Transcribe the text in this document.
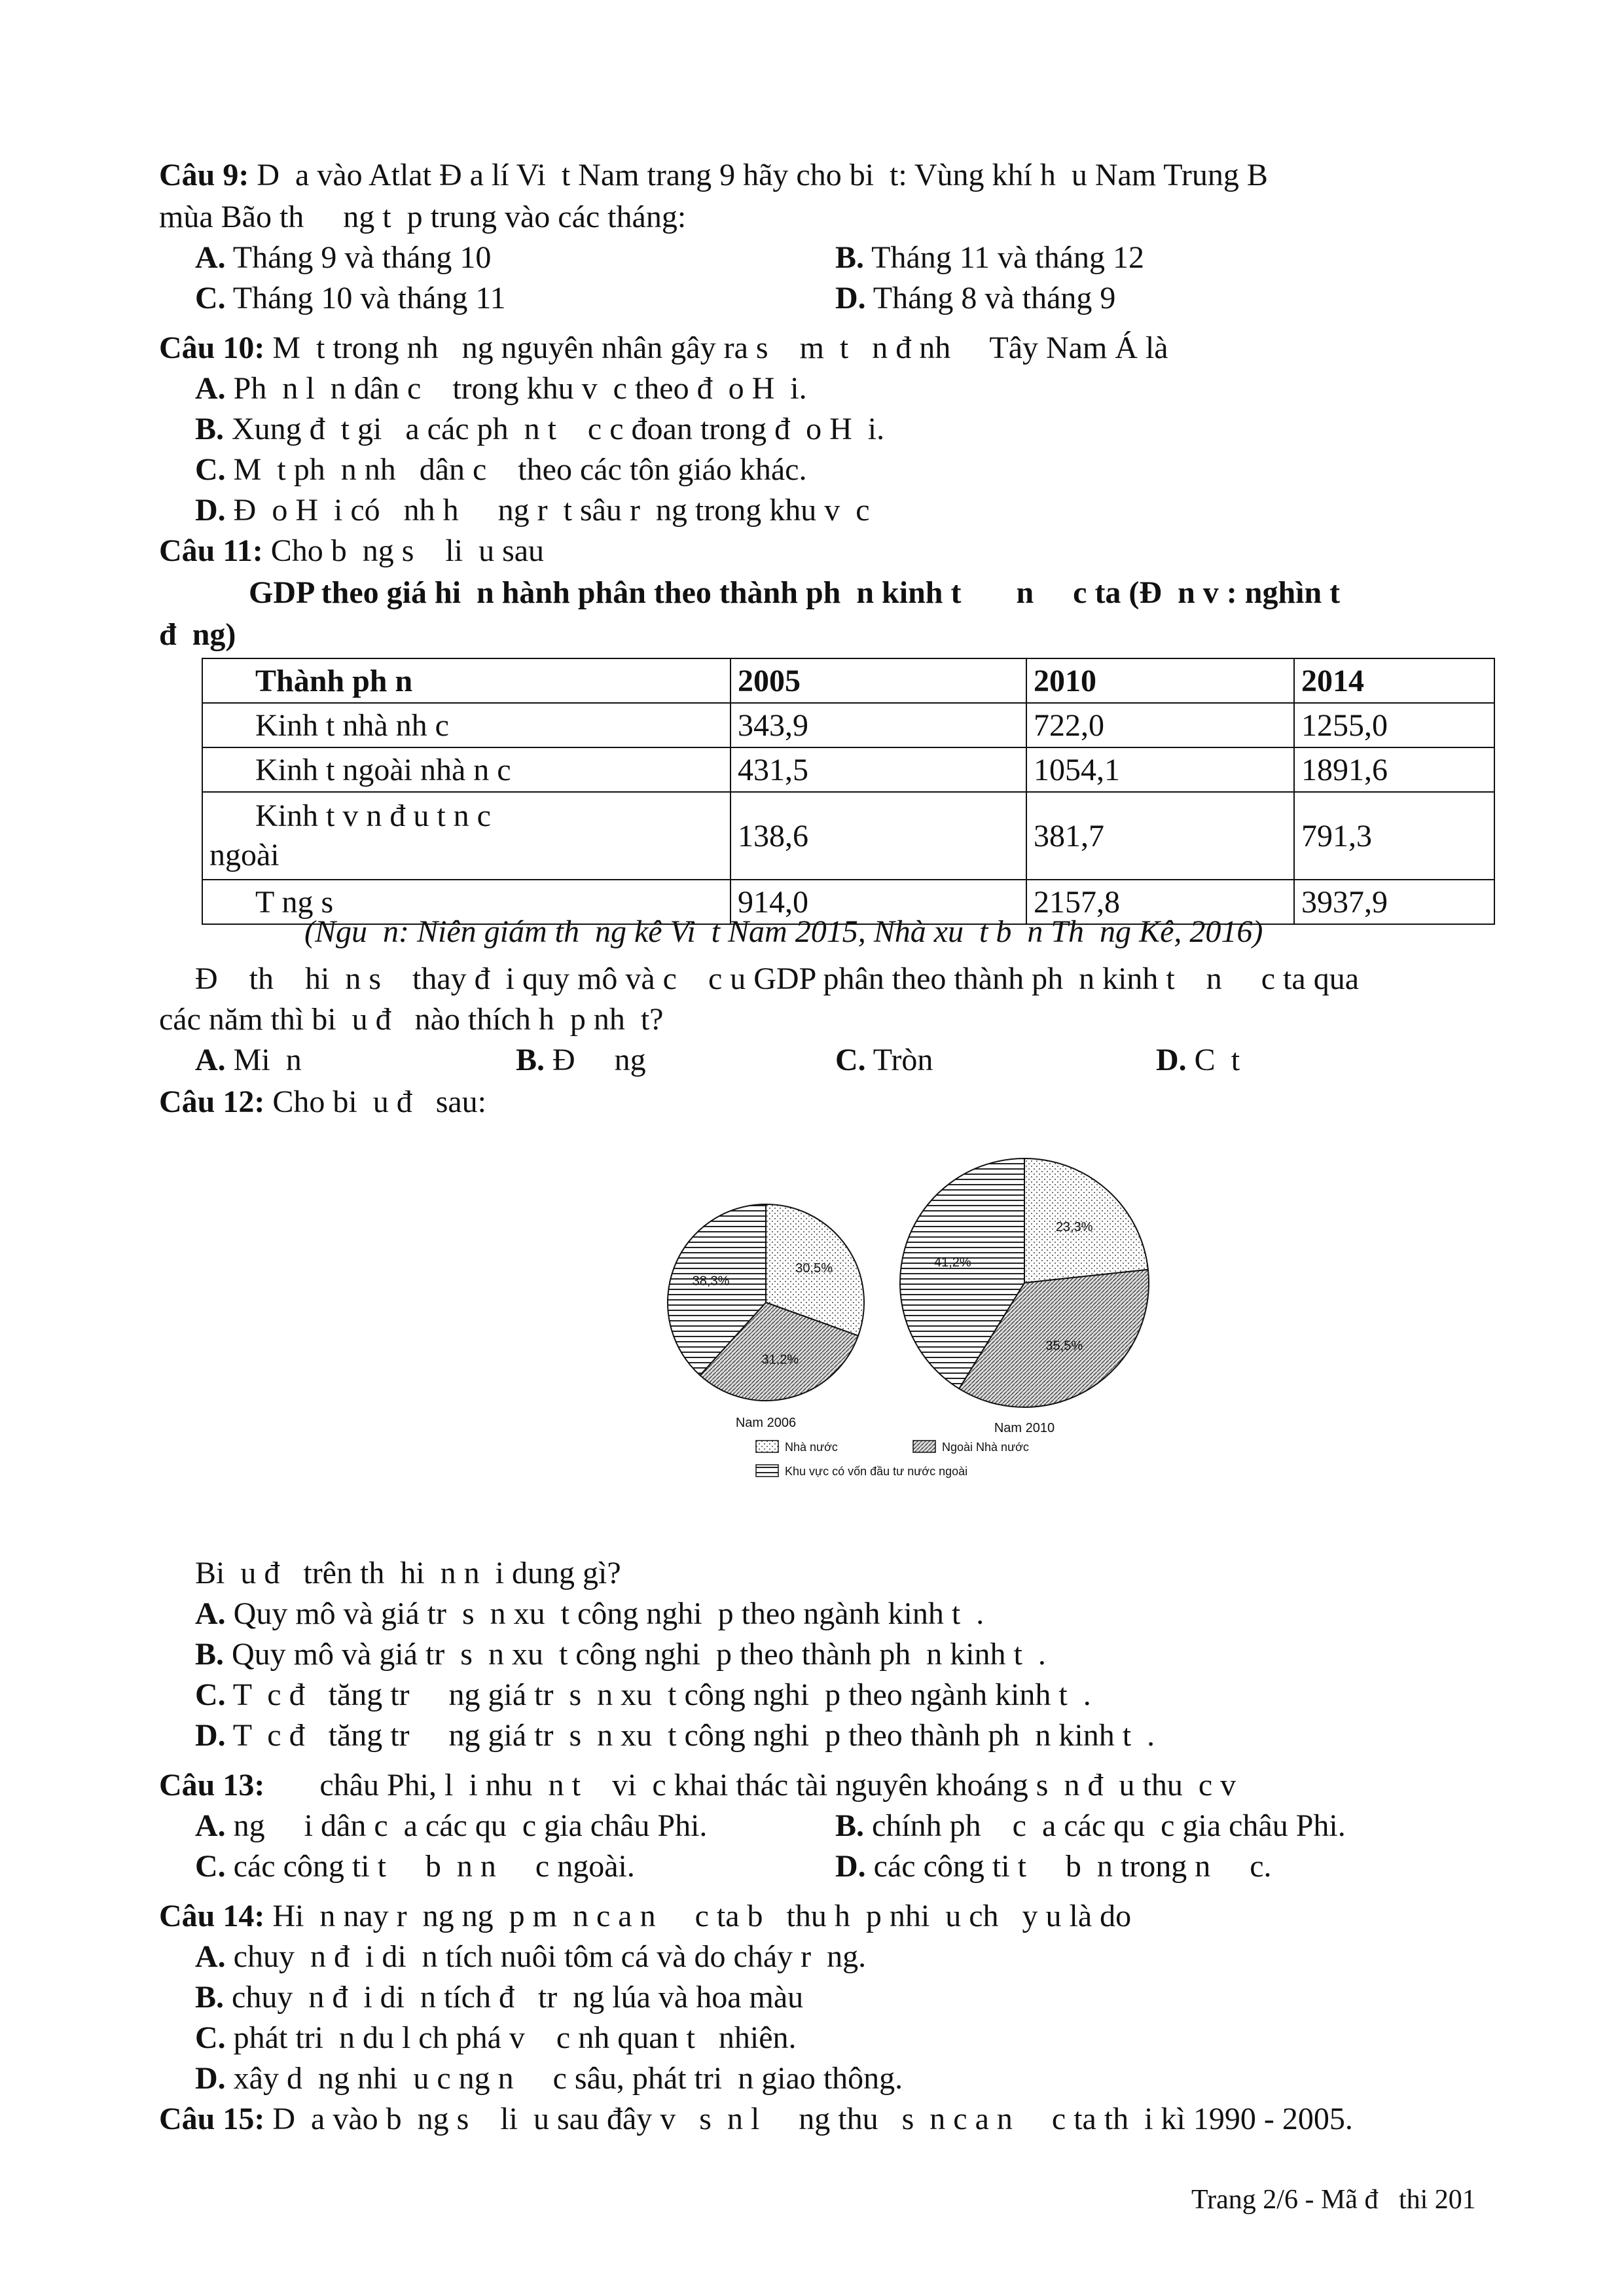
Câu 9: D  a vào Atlat Đ a lí Vi  t Nam trang 9 hãy cho bi  t: Vùng khí h  u Nam Trung B
mùa Bão th     ng t  p trung vào các tháng:
A. Tháng 9 và tháng 10	B. Tháng 11 và tháng 12
C. Tháng 10 và tháng 11	D. Tháng 8 và tháng 9
Câu 10: M  t trong nh   ng nguyên nhân gây ra s    m  t   n đ nh     Tây Nam Á là
A. Ph  n l  n dân c    trong khu v  c theo đ  o H  i.
B. Xung đ  t gi   a các ph  n t    c c đoan trong đ  o H  i.
C. M  t ph  n nh   dân c    theo các tôn giáo khác.
D. Đ  o H  i có   nh h     ng r  t sâu r  ng trong khu v  c
Câu 11: Cho b  ng s    li  u sau
GDP theo giá hi  n hành phân theo thành ph  n kinh t       n     c ta (Đ  n v : nghìn t
đ  ng)
Thành ph n	2005	2010	2014
Kinh t nhà nh c	343,9	722,0	1255,0
Kinh t ngoài nhà n c	431,5	1054,1	1891,6
Kinh t v n đ u t n c
ngoài	138,6	381,7	791,3
T ng s	914,0	2157,8	3937,9
(Ngu  n: Niên giám th  ng kê Vi  t Nam 2015, Nhà xu  t b  n Th  ng Kê, 2016)
Đ    th    hi  n s    thay đ  i quy mô và c    c u GDP phân theo thành ph  n kinh t    n     c ta qua
các năm thì bi  u đ   nào thích h  p nh  t?
A. Mi  n	B. Đ     ng	C. Tròn	D. C  t
Câu 12: Cho bi  u đ   sau:
30,5%
31,2%
38,3%
Nam 2006
23,3%
35,5%
41,2%
Nam 2010
Nhà nước	Ngoài Nhà nước
Khu vực có vốn đầu tư nước ngoài
Bi  u đ   trên th  hi  n n  i dung gì?
A. Quy mô và giá tr  s  n xu  t công nghi  p theo ngành kinh t  .
B. Quy mô và giá tr  s  n xu  t công nghi  p theo thành ph  n kinh t  .
C. T  c đ   tăng tr     ng giá tr  s  n xu  t công nghi  p theo ngành kinh t  .
D. T  c đ   tăng tr     ng giá tr  s  n xu  t công nghi  p theo thành ph  n kinh t  .
Câu 13:       châu Phi, l  i nhu  n t    vi  c khai thác tài nguyên khoáng s  n đ  u thu  c v
A. ng     i dân c  a các qu  c gia châu Phi.	B. chính ph    c  a các qu  c gia châu Phi.
C. các công ti t     b  n n     c ngoài.	D. các công ti t     b  n trong n     c.
Câu 14: Hi  n nay r  ng ng  p m  n c a n     c ta b   thu h  p nhi  u ch   y u là do
A. chuy  n đ  i di  n tích nuôi tôm cá và do cháy r  ng.
B. chuy  n đ  i di  n tích đ   tr  ng lúa và hoa màu
C. phát tri  n du l ch phá v    c nh quan t   nhiên.
D. xây d  ng nhi  u c ng n     c sâu, phát tri  n giao thông.
Câu 15: D  a vào b  ng s    li  u sau đây v   s  n l     ng thu   s  n c a n     c ta th  i kì 1990 - 2005.
Trang 2/6 - Mã đ   thi 201
